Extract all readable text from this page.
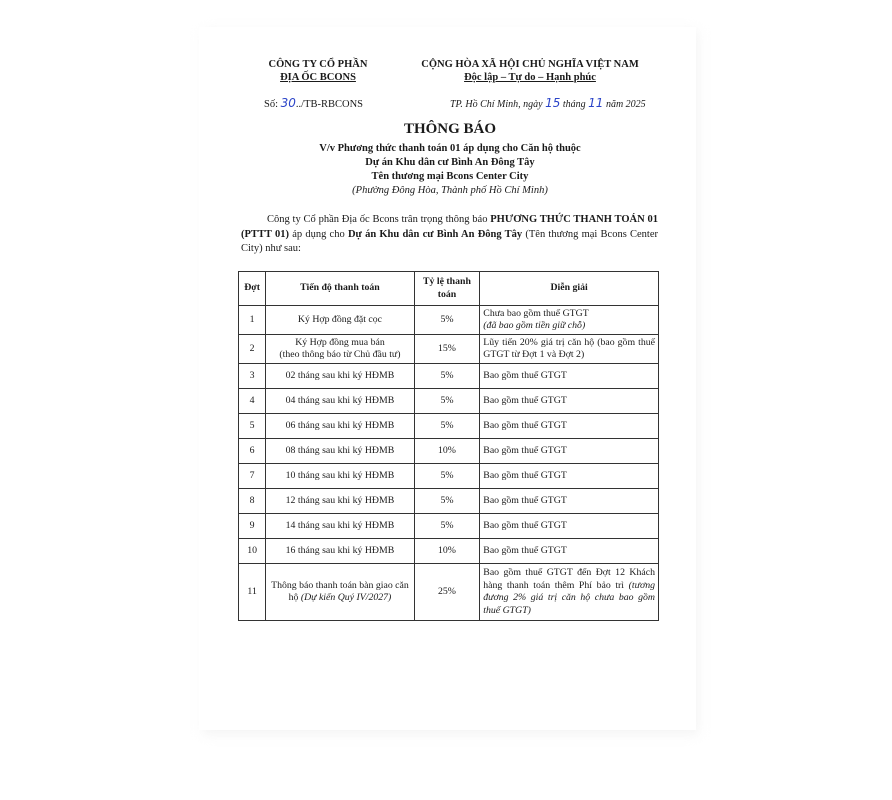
CÔNG TY CỔ PHẦN
ĐỊA ỐC BCONS
CỘNG HÒA XÃ HỘI CHỦ NGHĨA VIỆT NAM
Độc lập – Tự do – Hạnh phúc
Số: 30../TB-RBCONS	TP. Hồ Chí Minh, ngày 15 tháng 11 năm 2025
THÔNG BÁO
V/v Phương thức thanh toán 01 áp dụng cho Căn hộ thuộc
Dự án Khu dân cư Bình An Đông Tây
Tên thương mại Bcons Center City
(Phường Đông Hòa, Thành phố Hồ Chí Minh)
Công ty Cổ phần Địa ốc Bcons trân trọng thông báo PHƯƠNG THỨC THANH TOÁN 01 (PTTT 01) áp dụng cho Dự án Khu dân cư Bình An Đông Tây (Tên thương mại Bcons Center City) như sau:
Đợt	Tiến độ thanh toán	Tỷ lệ thanh toán	Diễn giải
1	Ký Hợp đồng đặt cọc	5%	Chưa bao gồm thuế GTGT
(đã bao gồm tiền giữ chỗ)

2	Ký Hợp đồng mua bán
(theo thông báo từ Chủ đầu tư)	15%	Lũy tiến 20% giá trị căn hộ (bao gồm thuế GTGT từ Đợt 1 và Đợt 2)
3	02 tháng sau khi ký HĐMB	5%	Bao gồm thuế GTGT
4	04 tháng sau khi ký HĐMB	5%	Bao gồm thuế GTGT
5	06 tháng sau khi ký HĐMB	5%	Bao gồm thuế GTGT
6	08 tháng sau khi ký HĐMB	10%	Bao gồm thuế GTGT
7	10 tháng sau khi ký HĐMB	5%	Bao gồm thuế GTGT
8	12 tháng sau khi ký HĐMB	5%	Bao gồm thuế GTGT
9	14 tháng sau khi ký HĐMB	5%	Bao gồm thuế GTGT
10	16 tháng sau khi ký HĐMB	10%	Bao gồm thuế GTGT
11	Thông báo thanh toán bàn giao căn hộ (Dự kiến Quý IV/2027)	25%	Bao gồm thuế GTGT đến Đợt 12 Khách hàng thanh toán thêm Phí bảo trì (tương đương 2% giá trị căn hộ chưa bao gồm thuế GTGT)
